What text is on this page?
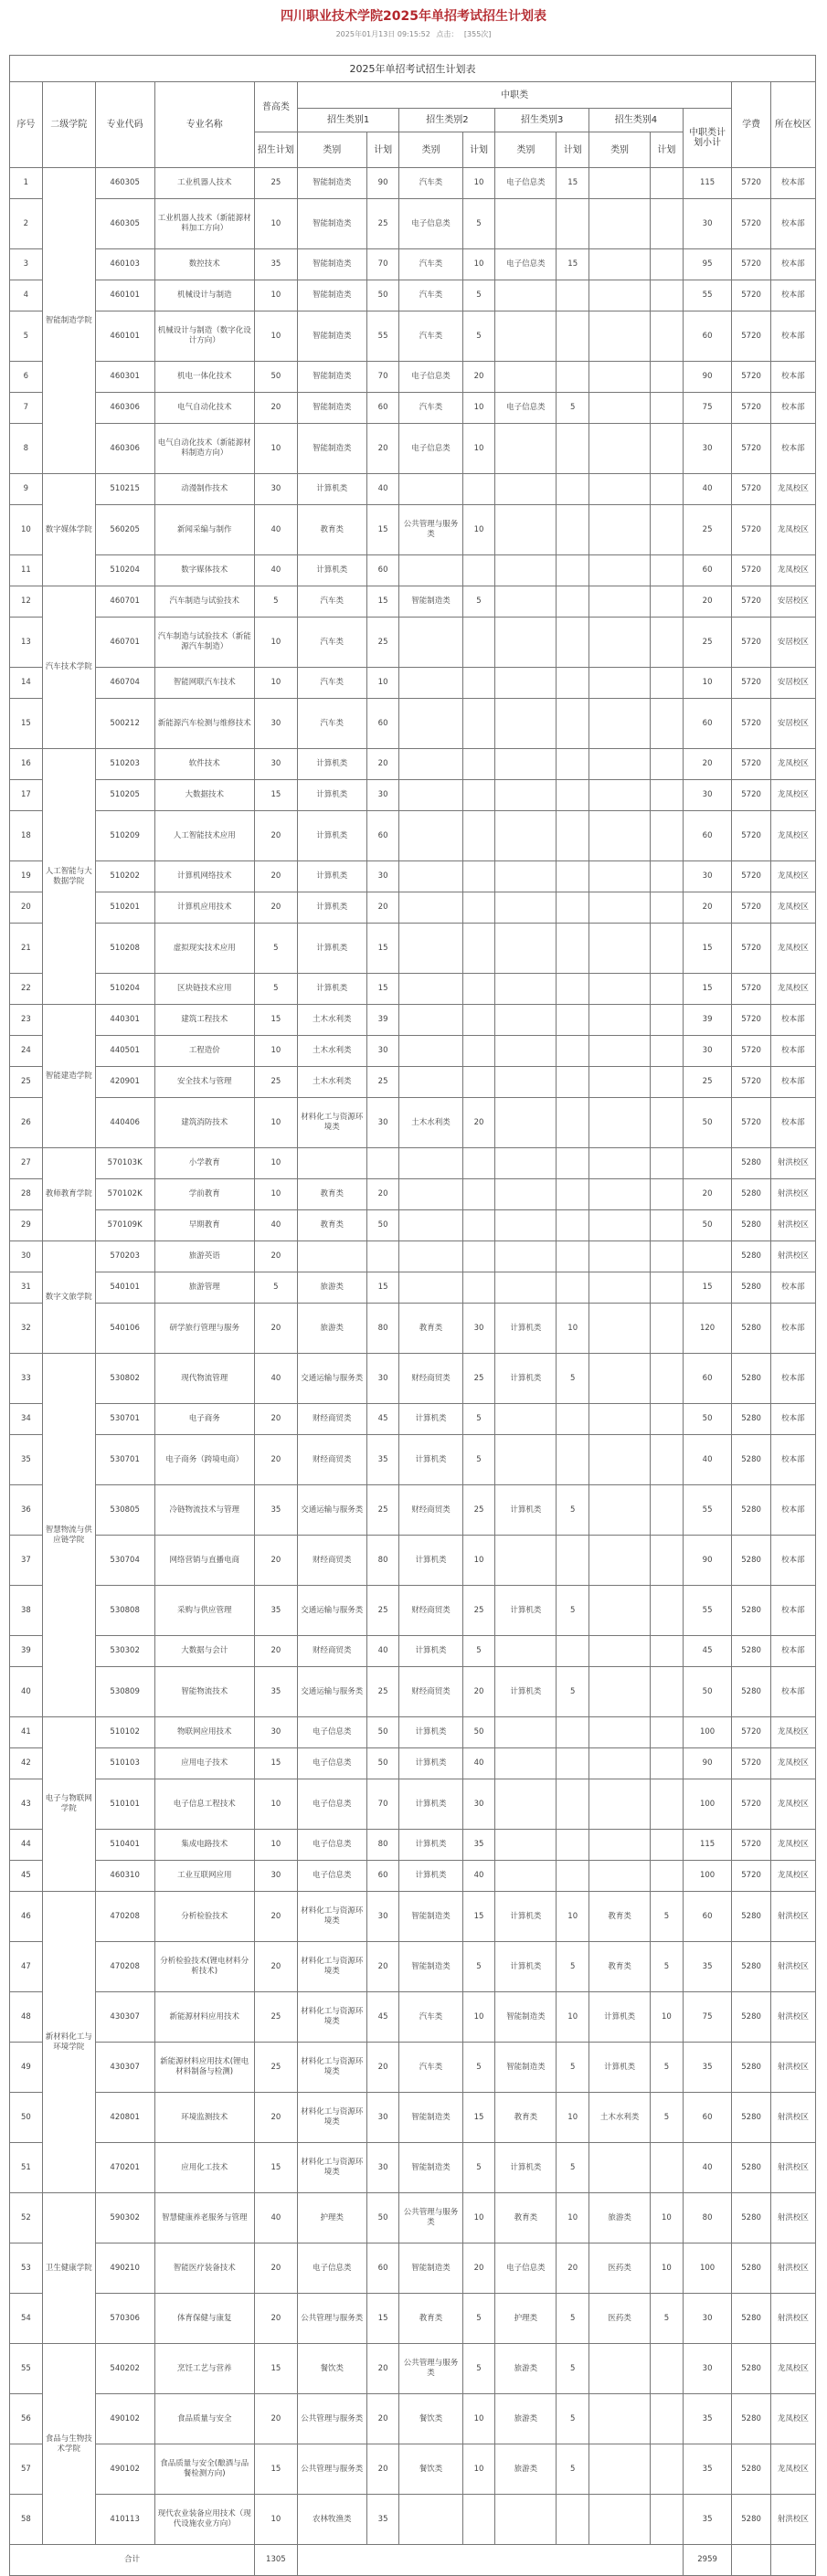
四川职业技术学院2025年单招考试招生计划表
2025年01月13日 09:15:52 点击： [355次]
2025年单招考试招生计划表															
序号	二级学院	专业代码	专业名称	普高类	中职类									学费	所在校区
					招生类别1		招生类别2		招生类别3		招生类别4		中职类计划小计		
				招生计划	类别	计划	类别	计划	类别	计划	类别	计划			
1	智能制造学院	460305	工业机器人技术	25	智能制造类	90	汽车类	10	电子信息类	15			115	5720	校本部
2		460305	工业机器人技术（新能源材料加工方向）	10	智能制造类	25	电子信息类	5					30	5720	校本部
3		460103	数控技术	35	智能制造类	70	汽车类	10	电子信息类	15			95	5720	校本部
4		460101	机械设计与制造	10	智能制造类	50	汽车类	5					55	5720	校本部
5		460101	机械设计与制造（数字化设计方向）	10	智能制造类	55	汽车类	5					60	5720	校本部
6		460301	机电一体化技术	50	智能制造类	70	电子信息类	20					90	5720	校本部
7		460306	电气自动化技术	20	智能制造类	60	汽车类	10	电子信息类	5			75	5720	校本部
8		460306	电气自动化技术（新能源材料制造方向）	10	智能制造类	20	电子信息类	10					30	5720	校本部
9	数字媒体学院	510215	动漫制作技术	30	计算机类	40							40	5720	龙凤校区
10		560205	新闻采编与制作	40	教育类	15	公共管理与服务类	10					25	5720	龙凤校区
11		510204	数字媒体技术	40	计算机类	60							60	5720	龙凤校区
12	汽车技术学院	460701	汽车制造与试验技术	5	汽车类	15	智能制造类	5					20	5720	安居校区
13		460701	汽车制造与试验技术（新能源汽车制造）	10	汽车类	25							25	5720	安居校区
14		460704	智能网联汽车技术	10	汽车类	10							10	5720	安居校区
15		500212	新能源汽车检测与维修技术	30	汽车类	60							60	5720	安居校区
16	人工智能与大数据学院	510203	软件技术	30	计算机类	20							20	5720	龙凤校区
17		510205	大数据技术	15	计算机类	30							30	5720	龙凤校区
18		510209	人工智能技术应用	20	计算机类	60							60	5720	龙凤校区
19		510202	计算机网络技术	20	计算机类	30							30	5720	龙凤校区
20		510201	计算机应用技术	20	计算机类	20							20	5720	龙凤校区
21		510208	虚拟现实技术应用	5	计算机类	15							15	5720	龙凤校区
22		510204	区块链技术应用	5	计算机类	15							15	5720	龙凤校区
23	智能建造学院	440301	建筑工程技术	15	土木水利类	39							39	5720	校本部
24		440501	工程造价	10	土木水利类	30							30	5720	校本部
25		420901	安全技术与管理	25	土木水利类	25							25	5720	校本部
26		440406	建筑消防技术	10	材料化工与资源环境类	30	土木水利类	20					50	5720	校本部
27	教师教育学院	570103K	小学教育	10										5280	射洪校区
28		570102K	学前教育	10	教育类	20							20	5280	射洪校区
29		570109K	早期教育	40	教育类	50							50	5280	射洪校区
30	数字文旅学院	570203	旅游英语	20										5280	射洪校区
31		540101	旅游管理	5	旅游类	15							15	5280	校本部
32		540106	研学旅行管理与服务	20	旅游类	80	教育类	30	计算机类	10			120	5280	校本部
33	智慧物流与供应链学院	530802	现代物流管理	40	交通运输与服务类	30	财经商贸类	25	计算机类	5			60	5280	校本部
34		530701	电子商务	20	财经商贸类	45	计算机类	5					50	5280	校本部
35		530701	电子商务（跨境电商）	20	财经商贸类	35	计算机类	5					40	5280	校本部
36		530805	冷链物流技术与管理	35	交通运输与服务类	25	财经商贸类	25	计算机类	5			55	5280	校本部
37		530704	网络营销与直播电商	20	财经商贸类	80	计算机类	10					90	5280	校本部
38		530808	采购与供应管理	35	交通运输与服务类	25	财经商贸类	25	计算机类	5			55	5280	校本部
39		530302	大数据与会计	20	财经商贸类	40	计算机类	5					45	5280	校本部
40		530809	智能物流技术	35	交通运输与服务类	25	财经商贸类	20	计算机类	5			50	5280	校本部
41	电子与物联网学院	510102	物联网应用技术	30	电子信息类	50	计算机类	50					100	5720	龙凤校区
42		510103	应用电子技术	15	电子信息类	50	计算机类	40					90	5720	龙凤校区
43		510101	电子信息工程技术	10	电子信息类	70	计算机类	30					100	5720	龙凤校区
44		510401	集成电路技术	10	电子信息类	80	计算机类	35					115	5720	龙凤校区
45		460310	工业互联网应用	30	电子信息类	60	计算机类	40					100	5720	龙凤校区
46	新材料化工与环境学院	470208	分析检验技术	20	材料化工与资源环境类	30	智能制造类	15	计算机类	10	教育类	5	60	5280	射洪校区
47		470208	分析检验技术(锂电材料分析技术)	20	材料化工与资源环境类	20	智能制造类	5	计算机类	5	教育类	5	35	5280	射洪校区
48		430307	新能源材料应用技术	25	材料化工与资源环境类	45	汽车类	10	智能制造类	10	计算机类	10	75	5280	射洪校区
49		430307	新能源材料应用技术(锂电材料制备与检测)	25	材料化工与资源环境类	20	汽车类	5	智能制造类	5	计算机类	5	35	5280	射洪校区
50		420801	环境监测技术	20	材料化工与资源环境类	30	智能制造类	15	教育类	10	土木水利类	5	60	5280	射洪校区
51		470201	应用化工技术	15	材料化工与资源环境类	30	智能制造类	5	计算机类	5			40	5280	射洪校区
52	卫生健康学院	590302	智慧健康养老服务与管理	40	护理类	50	公共管理与服务类	10	教育类	10	旅游类	10	80	5280	射洪校区
53		490210	智能医疗装备技术	20	电子信息类	60	智能制造类	20	电子信息类	20	医药类	10	100	5280	射洪校区
54		570306	体育保健与康复	20	公共管理与服务类	15	教育类	5	护理类	5	医药类	5	30	5280	射洪校区
55	食品与生物技术学院	540202	烹饪工艺与营养	15	餐饮类	20	公共管理与服务类	5	旅游类	5			30	5280	龙凤校区
56		490102	食品质量与安全	20	公共管理与服务类	20	餐饮类	10	旅游类	5			35	5280	龙凤校区
57		490102	食品质量与安全(酿酒与品餐检测方向)	15	公共管理与服务类	20	餐饮类	10	旅游类	5			35	5280	龙凤校区
58		410113	现代农业装备应用技术（现代设施农业方向）	10	农林牧渔类	35							35	5280	射洪校区
合计				1305									2959		
